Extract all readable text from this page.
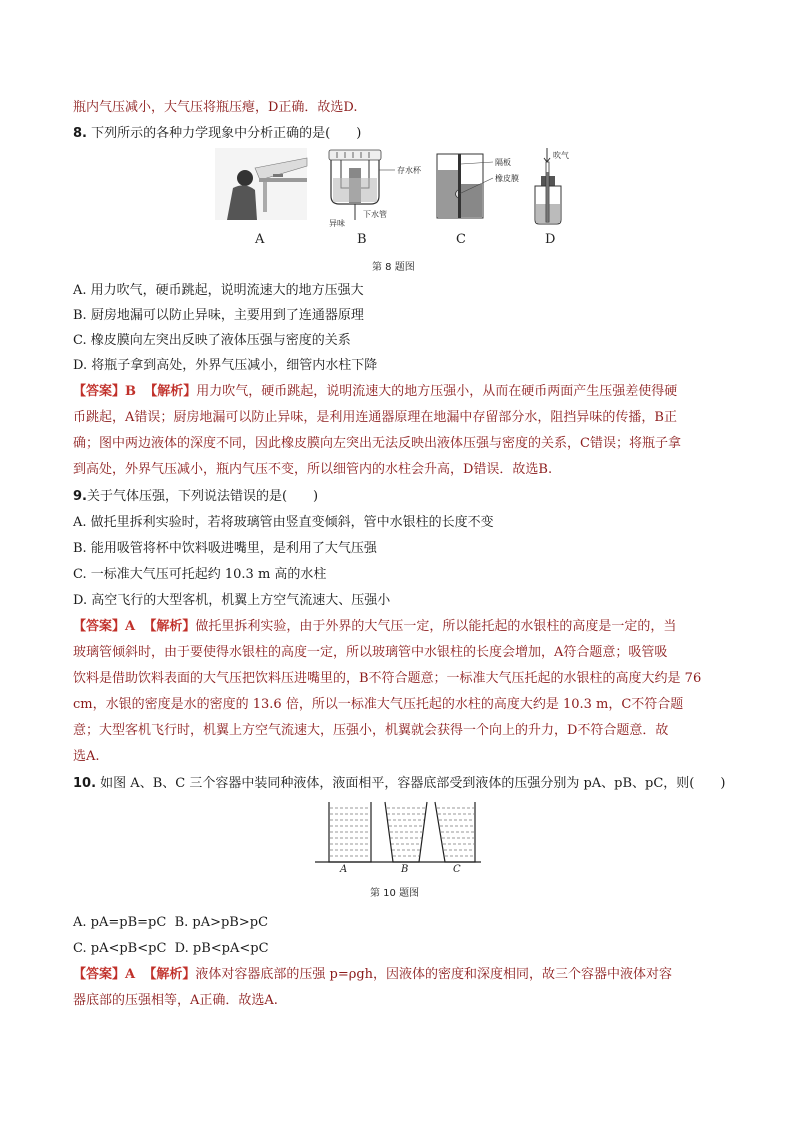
瓶内气压减小，大气压将瓶压瘪，D正确．故选D.
8. 下列所示的各种力学现象中分析正确的是(　　)
存水杯
下水管
异味
隔板
橡皮膜
吹气
A	B	C	D
第 8 题图
A. 用力吹气，硬币跳起，说明流速大的地方压强大
B. 厨房地漏可以防止异味，主要用到了连通器原理
C. 橡皮膜向左突出反映了液体压强与密度的关系
D. 将瓶子拿到高处，外界气压减小，细管内水柱下降
【答案】B 【解析】用力吹气，硬币跳起，说明流速大的地方压强小，从而在硬币两面产生压强差使得硬
币跳起，A错误；厨房地漏可以防止异味，是利用连通器原理在地漏中存留部分水，阻挡异味的传播，B正
确；图中两边液体的深度不同，因此橡皮膜向左突出无法反映出液体压强与密度的关系，C错误；将瓶子拿
到高处，外界气压减小，瓶内气压不变，所以细管内的水柱会升高，D错误．故选B.
9.关于气体压强，下列说法错误的是(　　)
A. 做托里拆利实验时，若将玻璃管由竖直变倾斜，管中水银柱的长度不变
B. 能用吸管将杯中饮料吸进嘴里，是利用了大气压强
C. 一标准大气压可托起约 10.3 m 高的水柱
D. 高空飞行的大型客机，机翼上方空气流速大、压强小
【答案】A 【解析】做托里拆利实验，由于外界的大气压一定，所以能托起的水银柱的高度是一定的，当
玻璃管倾斜时，由于要使得水银柱的高度一定，所以玻璃管中水银柱的长度会增加，A符合题意；吸管吸
饮料是借助饮料表面的大气压把饮料压进嘴里的，B不符合题意；一标准大气压托起的水银柱的高度大约是 76
cm，水银的密度是水的密度的 13.6 倍，所以一标准大气压托起的水柱的高度大约是 10.3 m，C不符合题
意；大型客机飞行时，机翼上方空气流速大，压强小，机翼就会获得一个向上的升力，D不符合题意．故
选A.
10. 如图 A、B、C 三个容器中装同种液体，液面相平，容器底部受到液体的压强分别为 pA、pB、pC，则(　　)
A	B	C
第 10 题图
A. pA=pB=pC B. pA>pB>pC
C. pA<pB<pC D. pB<pA<pC
【答案】A 【解析】液体对容器底部的压强 p=ρgh，因液体的密度和深度相同，故三个容器中液体对容
器底部的压强相等，A正确．故选A.
